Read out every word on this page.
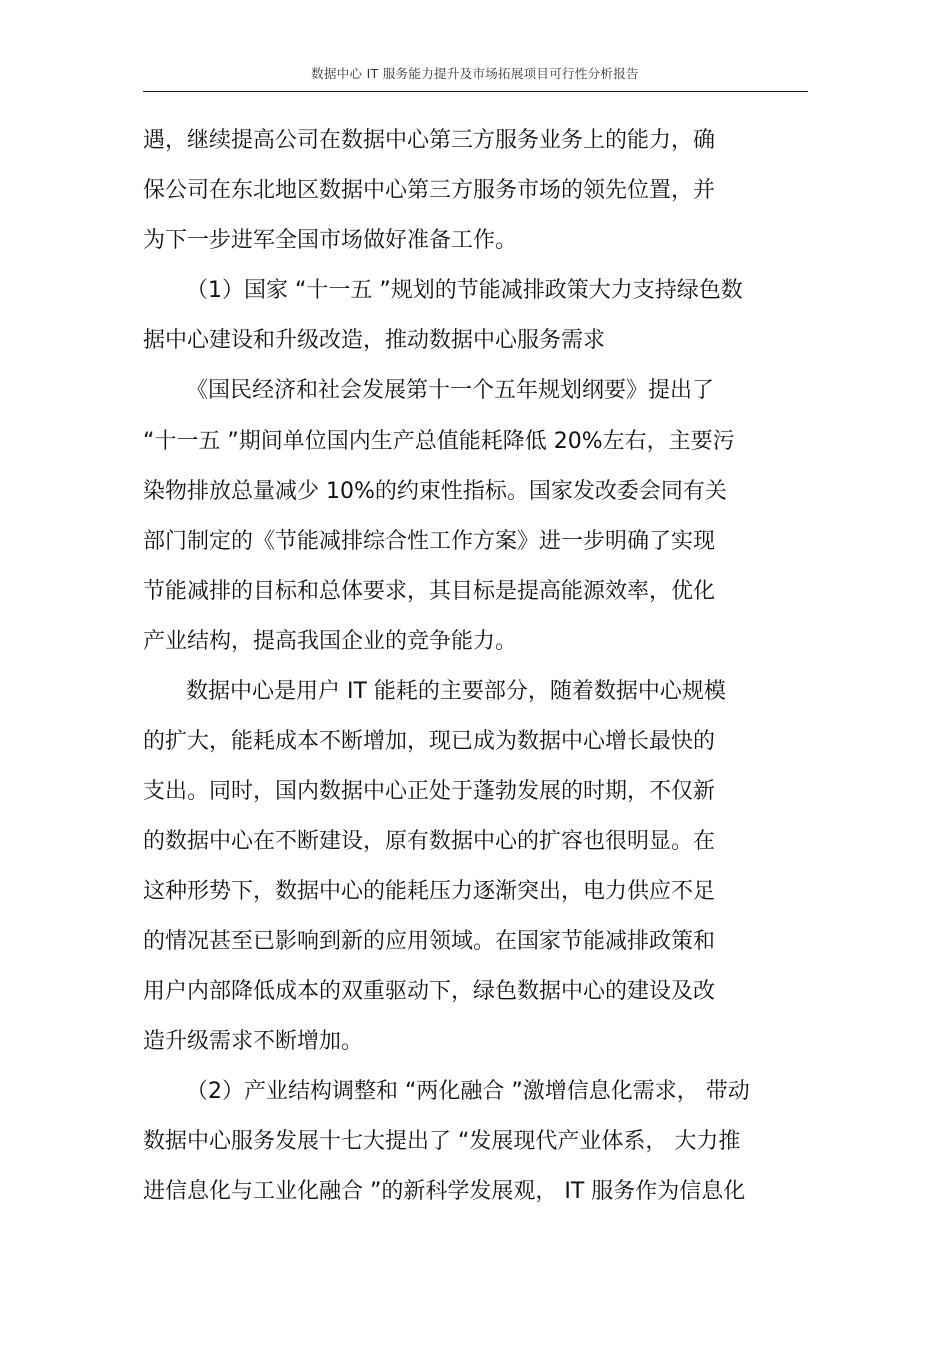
数据中心 IT 服务能力提升及市场拓展项目可行性分析报告
遇，继续提高公司在数据中心第三方服务业务上的能力，确
保公司在东北地区数据中心第三方服务市场的领先位置，并
为下一步进军全国市场做好准备工作。
（1）国家 “十一五 ”规划的节能减排政策大力支持绿色数
据中心建设和升级改造，推动数据中心服务需求
《国民经济和社会发展第十一个五年规划纲要》提出了
“十一五 ”期间单位国内生产总值能耗降低 20%左右，主要污
染物排放总量减少 10%的约束性指标。国家发改委会同有关
部门制定的《节能减排综合性工作方案》进一步明确了实现
节能减排的目标和总体要求，其目标是提高能源效率，优化
产业结构，提高我国企业的竞争能力。
数据中心是用户 IT 能耗的主要部分，随着数据中心规模
的扩大，能耗成本不断增加，现已成为数据中心增长最快的
支出。同时，国内数据中心正处于蓬勃发展的时期，不仅新
的数据中心在不断建设，原有数据中心的扩容也很明显。在
这种形势下，数据中心的能耗压力逐渐突出，电力供应不足
的情况甚至已影响到新的应用领域。在国家节能减排政策和
用户内部降低成本的双重驱动下，绿色数据中心的建设及改
造升级需求不断增加。
（2）产业结构调整和 “两化融合 ”激增信息化需求， 带动
数据中心服务发展十七大提出了 “发展现代产业体系， 大力推
进信息化与工业化融合 ”的新科学发展观， IT 服务作为信息化
